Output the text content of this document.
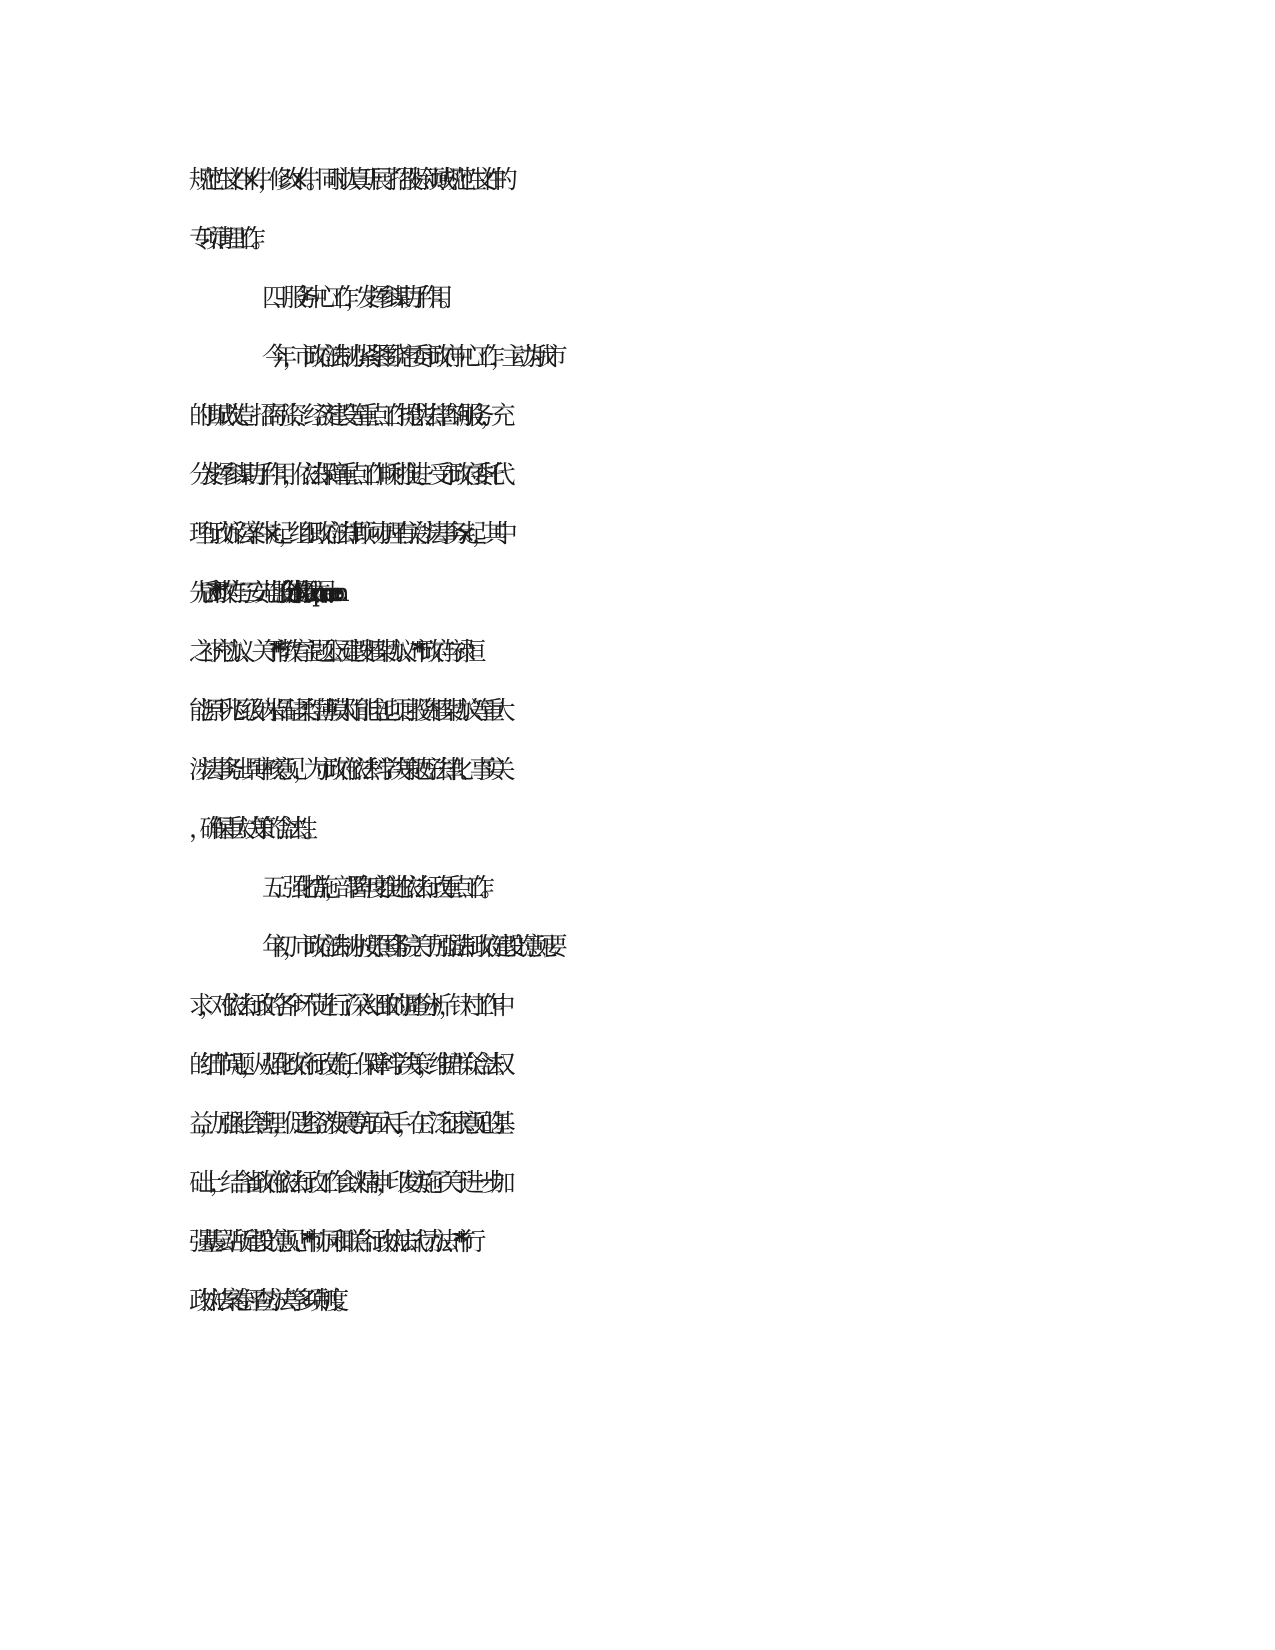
规范性文件×件，修改×件。同时认真开展了招投标领域规范性文件的
专项清理工作。
四、服务中心工作，发挥参谋助手作用。
今年，市政府法制办紧紧围绕市委市政府中心工作，主动为我市
的旧城改造、招商引资、经济建设等重点工作提供法律咨询服务，充
分发挥参谋助手作用，依法保障重点工作顺利推进。受市政府委托代
理行政诉讼案件×起，组织政府法律顾问办理有关涉法事务×起，其中
先后对**市政府与三安光电股份有限公司、emcorecorporation 合作协议
之补充协议、关于**市教育主题公园建设框架协议、**市政府与禄恒
能源千兆瓦级纳米晶硅柔性薄膜太阳能电池项目投资框架协议等重大
涉法事务出具审核意见，为市政府依法科学决策把好法律化、事实关
，确保重大决策的合法性。
五、强化措施，部署年度推进依法行政重点工作。
年初，市政府法制办按照国务院关于加强法制政府建设的意见要
求，对依法行政的各个环节进行了深入细致的调查分析，针对工作中
的细节问题，从强化政府行政责任，保障科学决策，维护群众合法权
益，加强社会管理，促进经济发展等方面入手，在广泛征求意见的基
础上，结合省政府依法行政工作会议精神，印发实施了关于进一步加
强基层站所建设的意见、**市协同和联合行政执法试行办法、**市行
政执法案卷评查办法等多项制度。
